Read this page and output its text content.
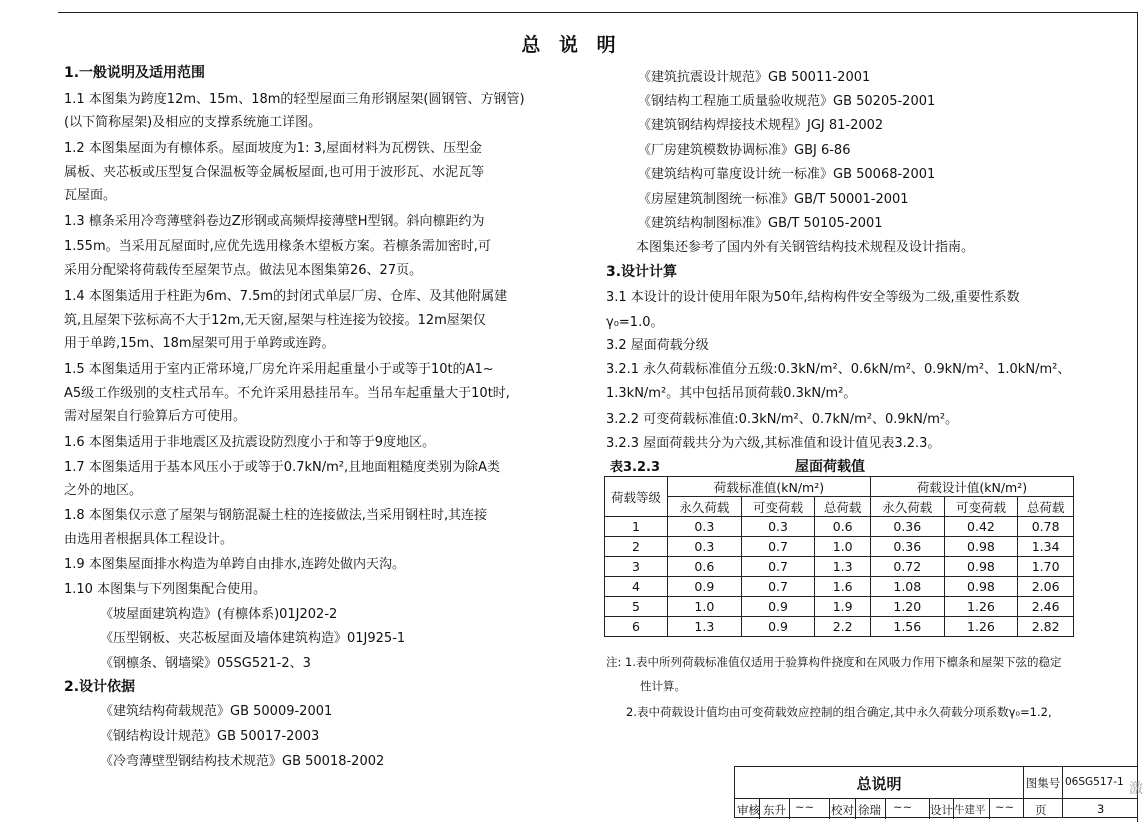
总 说 明
1.一般说明及适用范围
1.1 本图集为跨度12m、15m、18m的轻型屋面三角形钢屋架(圆钢管、方钢管)
(以下简称屋架)及相应的支撑系统施工详图。
1.2 本图集屋面为有檩体系。屋面坡度为1: 3,屋面材料为瓦楞铁、压型金
属板、夹芯板或压型复合保温板等金属板屋面,也可用于波形瓦、水泥瓦等
瓦屋面。
1.3 檩条采用冷弯薄壁斜卷边Z形钢或高频焊接薄壁H型钢。斜向檩距约为
1.55m。当采用瓦屋面时,应优先选用椽条木望板方案。若檩条需加密时,可
采用分配梁将荷载传至屋架节点。做法见本图集第26、27页。
1.4 本图集适用于柱距为6m、7.5m的封闭式单层厂房、仓库、及其他附属建
筑,且屋架下弦标高不大于12m,无天窗,屋架与柱连接为铰接。12m屋架仅
用于单跨,15m、18m屋架可用于单跨或连跨。
1.5 本图集适用于室内正常环境,厂房允许采用起重量小于或等于10t的A1~
A5级工作级别的支柱式吊车。不允许采用悬挂吊车。当吊车起重量大于10t时,
需对屋架自行验算后方可使用。
1.6 本图集适用于非地震区及抗震设防烈度小于和等于9度地区。
1.7 本图集适用于基本风压小于或等于0.7kN/m²,且地面粗糙度类别为除A类
之外的地区。
1.8 本图集仅示意了屋架与钢筋混凝土柱的连接做法,当采用钢柱时,其连接
由选用者根据具体工程设计。
1.9 本图集屋面排水构造为单跨自由排水,连跨处做内天沟。
1.10 本图集与下列图集配合使用。
《坡屋面建筑构造》(有檩体系)01J202-2
《压型钢板、夹芯板屋面及墙体建筑构造》01J925-1
《钢檩条、钢墙梁》05SG521-2、3
2.设计依据
《建筑结构荷载规范》GB 50009-2001
《钢结构设计规范》GB 50017-2003
《冷弯薄壁型钢结构技术规范》GB 50018-2002
《建筑抗震设计规范》GB 50011-2001
《钢结构工程施工质量验收规范》GB 50205-2001
《建筑钢结构焊接技术规程》JGJ 81-2002
《厂房建筑模数协调标准》GBJ 6-86
《建筑结构可靠度设计统一标准》GB 50068-2001
《房屋建筑制图统一标准》GB/T 50001-2001
《建筑结构制图标准》GB/T 50105-2001
本图集还参考了国内外有关钢管结构技术规程及设计指南。
3.设计计算
3.1 本设计的设计使用年限为50年,结构构件安全等级为二级,重要性系数
γ₀=1.0。
3.2 屋面荷载分级
3.2.1 永久荷载标准值分五级:0.3kN/m²、0.6kN/m²、0.9kN/m²、1.0kN/m²、
1.3kN/m²。其中包括吊顶荷载0.3kN/m²。
3.2.2 可变荷载标准值:0.3kN/m²、0.7kN/m²、0.9kN/m²。
3.2.3 屋面荷载共分为六级,其标准值和设计值见表3.2.3。
表3.2.3	屋面荷载值
荷载等级	荷载标准值(kN/m²)			荷载设计值(kN/m²)		
	永久荷载	可变荷载	总荷载	永久荷载	可变荷载	总荷载
1	0.3	0.3	0.6	0.36	0.42	0.78
2	0.3	0.7	1.0	0.36	0.98	1.34
3	0.6	0.7	1.3	0.72	0.98	1.70
4	0.9	0.7	1.6	1.08	0.98	2.06
5	1.0	0.9	1.9	1.20	1.26	2.46
6	1.3	0.9	2.2	1.56	1.26	2.82
注: 1.表中所列荷载标准值仅适用于验算构件挠度和在风吸力作用下檩条和屋架下弦的稳定
性计算。
2.表中荷载设计值均由可变荷载效应控制的组合确定,其中永久荷载分项系数γ₀=1.2,
总说明	图集号 06SG517-1
审核 东升 ~~ 校对 徐瑞 ~~ 设计 牛建平 ~~ 页	3
激
